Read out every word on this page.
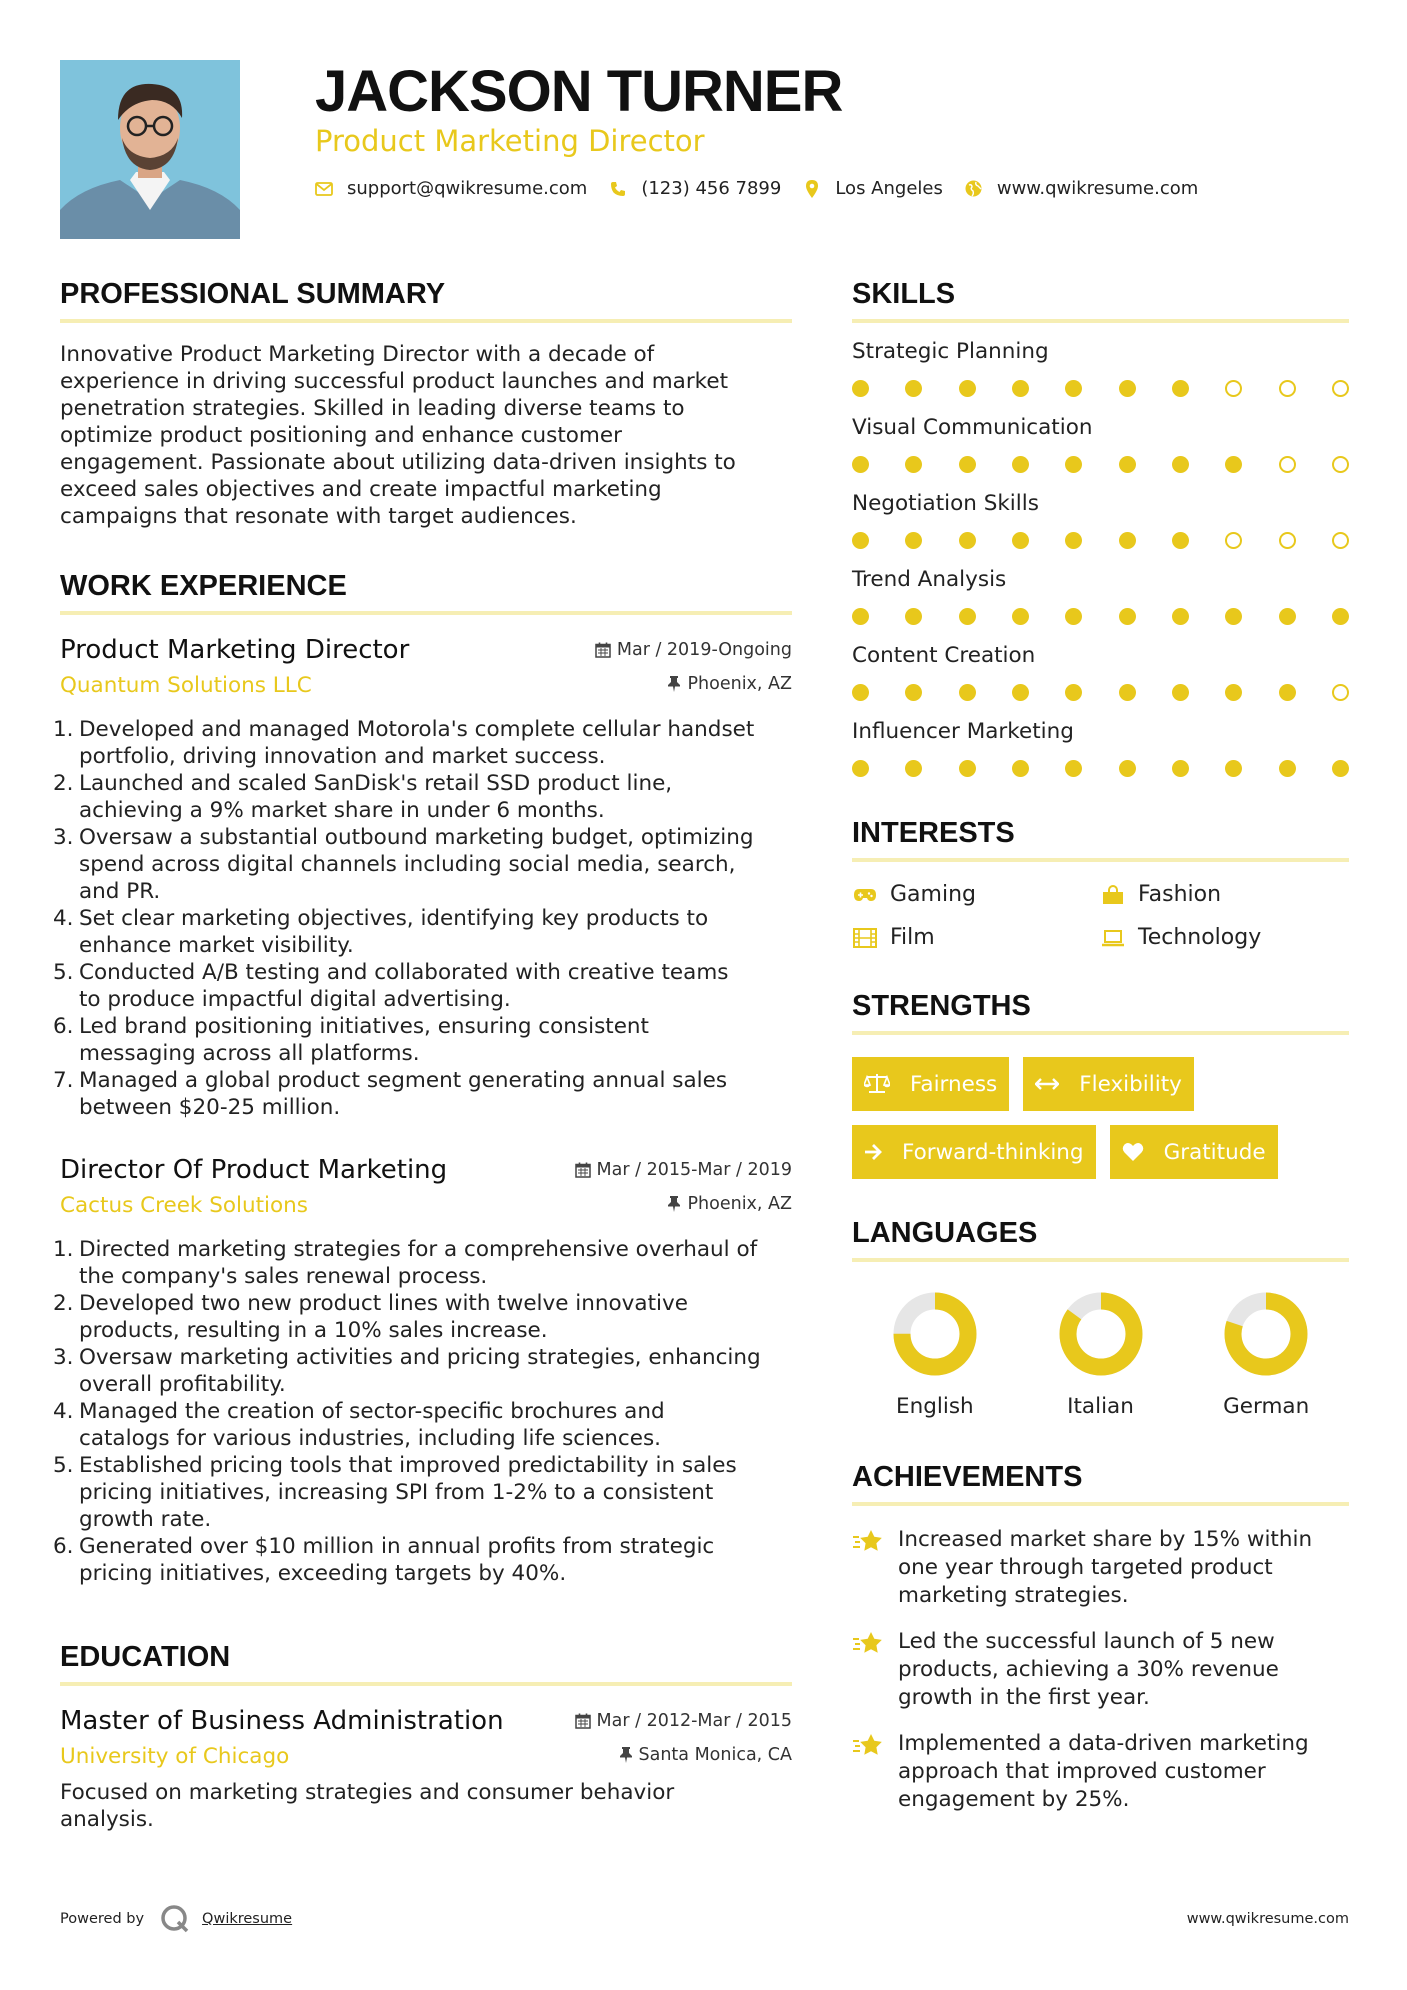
JACKSON TURNER
Product Marketing Director
support@qwikresume.com	(123) 456 7899	Los Angeles	www.qwikresume.com
PROFESSIONAL SUMMARY
Innovative Product Marketing Director with a decade of
experience in driving successful product launches and market
penetration strategies. Skilled in leading diverse teams to
optimize product positioning and enhance customer
engagement. Passionate about utilizing data-driven insights to
exceed sales objectives and create impactful marketing
campaigns that resonate with target audiences.
WORK EXPERIENCE
Product Marketing Director	Mar / 2019-Ongoing
Quantum Solutions LLC	Phoenix, AZ
1. Developed and managed Motorola's complete cellular handset
portfolio, driving innovation and market success.
2. Launched and scaled SanDisk's retail SSD product line,
achieving a 9% market share in under 6 months.
3. Oversaw a substantial outbound marketing budget, optimizing
spend across digital channels including social media, search,
and PR.
4. Set clear marketing objectives, identifying key products to
enhance market visibility.
5. Conducted A/B testing and collaborated with creative teams
to produce impactful digital advertising.
6. Led brand positioning initiatives, ensuring consistent
messaging across all platforms.
7. Managed a global product segment generating annual sales
between $20-25 million.
Director Of Product Marketing	Mar / 2015-Mar / 2019
Cactus Creek Solutions	Phoenix, AZ
1. Directed marketing strategies for a comprehensive overhaul of
the company's sales renewal process.
2. Developed two new product lines with twelve innovative
products, resulting in a 10% sales increase.
3. Oversaw marketing activities and pricing strategies, enhancing
overall profitability.
4. Managed the creation of sector-specific brochures and
catalogs for various industries, including life sciences.
5. Established pricing tools that improved predictability in sales
pricing initiatives, increasing SPI from 1-2% to a consistent
growth rate.
6. Generated over $10 million in annual profits from strategic
pricing initiatives, exceeding targets by 40%.
EDUCATION
Master of Business Administration	Mar / 2012-Mar / 2015
University of Chicago	Santa Monica, CA
Focused on marketing strategies and consumer behavior
analysis.
SKILLS
Strategic Planning
Visual Communication
Negotiation Skills
Trend Analysis
Content Creation
Influencer Marketing
INTERESTS
Gaming	Fashion
Film	Technology
STRENGTHS
Fairness	Flexibility
Forward-thinking	Gratitude
LANGUAGES
English	Italian	German
ACHIEVEMENTS
Increased market share by 15% within
one year through targeted product
marketing strategies.
Led the successful launch of 5 new
products, achieving a 30% revenue
growth in the first year.
Implemented a data-driven marketing
approach that improved customer
engagement by 25%.
Powered by	Qwikresume	www.qwikresume.com
